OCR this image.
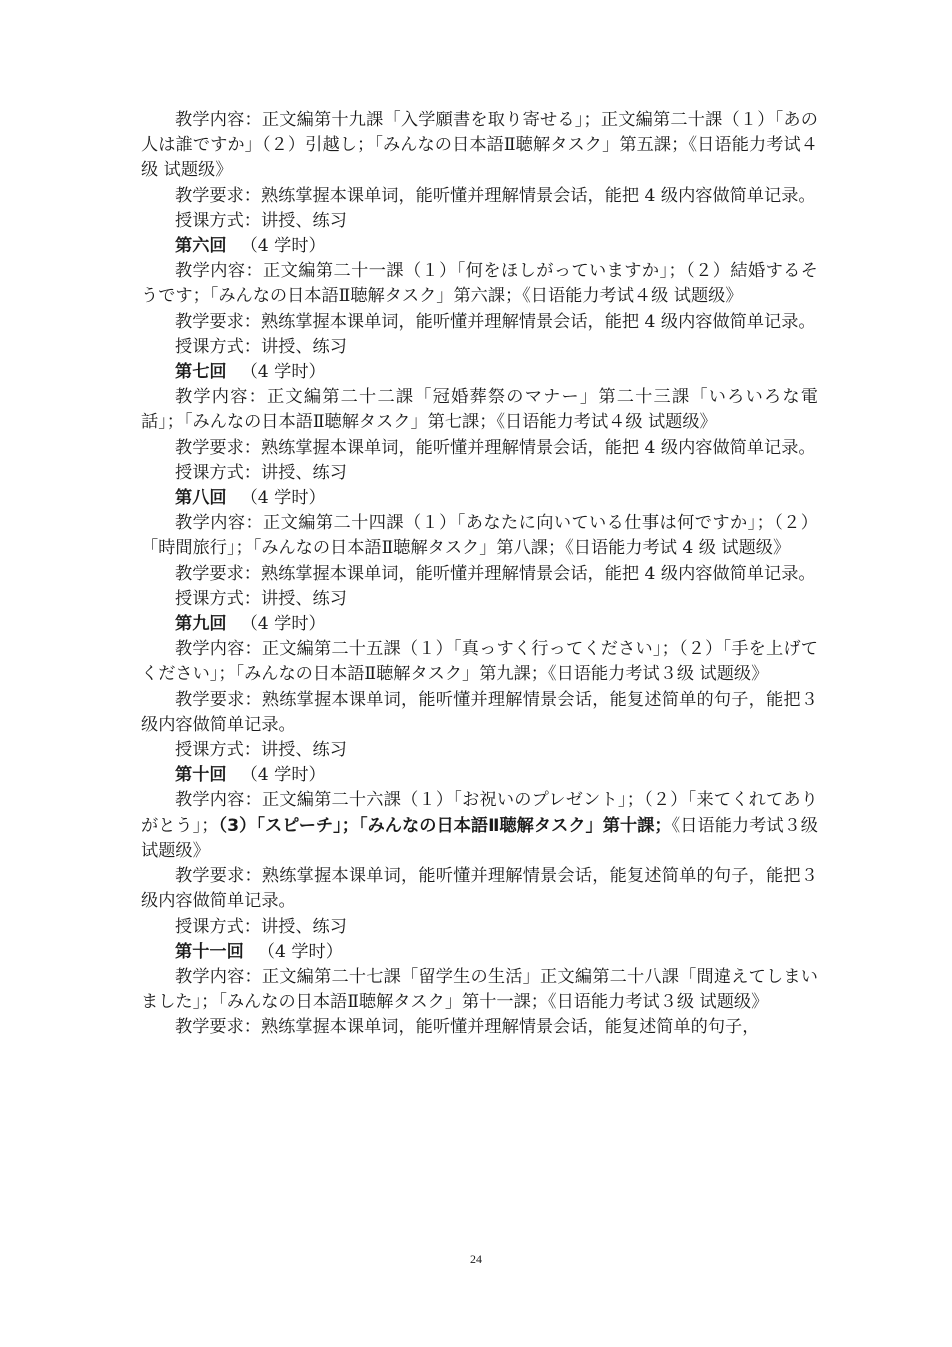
教学内容：正文編第十九課「入学願書を取り寄せる」；正文編第二十課（１）「あの人は誰ですか」（２）引越し；「みんなの日本語Ⅱ聴解タスク」第五課；《日语能力考试４级 试题级》

教学要求：熟练掌握本课单词，能听懂并理解情景会话，能把 4 级内容做简单记录。

授课方式：讲授、练习

第六回 （4 学时）

教学内容：正文編第二十一課（１）「何をほしがっていますか」；（２）結婚するそうです；「みんなの日本語Ⅱ聴解タスク」第六課；《日语能力考试４级 试题级》

教学要求：熟练掌握本课单词，能听懂并理解情景会话，能把 4 级内容做简单记录。

授课方式：讲授、练习

第七回 （4 学时）

教学内容：正文編第二十二課「冠婚葬祭のマナー」第二十三課「いろいろな電話」；「みんなの日本語Ⅱ聴解タスク」第七課；《日语能力考试４级 试题级》

教学要求：熟练掌握本课单词，能听懂并理解情景会话，能把 4 级内容做简单记录。

授课方式：讲授、练习

第八回 （4 学时）

教学内容：正文編第二十四課（１）「あなたに向いている仕事は何ですか」；（２）「時間旅行」；「みんなの日本語Ⅱ聴解タスク」第八課；《日语能力考试 4 级 试题级》

教学要求：熟练掌握本课单词，能听懂并理解情景会话，能把 4 级内容做简单记录。

授课方式：讲授、练习

第九回 （4 学时）

教学内容：正文編第二十五課（１）「真っすく行ってください」；（２）「手を上げてください」；「みんなの日本語Ⅱ聴解タスク」第九課；《日语能力考试３级 试题级》

教学要求：熟练掌握本课单词，能听懂并理解情景会话，能复述简单的句子，能把３级内容做简单记录。

授课方式：讲授、练习

第十回 （4 学时）

教学内容：正文編第二十六課（１）「お祝いのプレゼント」；（２）「来てくれてありがとう」；（3）「スピーチ」；「みんなの日本語Ⅱ聴解タスク」第十課；《日语能力考试３级 试题级》

教学要求：熟练掌握本课单词，能听懂并理解情景会话，能复述简单的句子，能把３级内容做简单记录。

授课方式：讲授、练习

第十一回 （4 学时）

教学内容：正文編第二十七課「留学生の生活」正文編第二十八課「間違えてしまいました」；「みんなの日本語Ⅱ聴解タスク」第十一課；《日语能力考试３级 试题级》

教学要求：熟练掌握本课单词，能听懂并理解情景会话，能复述简单的句子，

24
